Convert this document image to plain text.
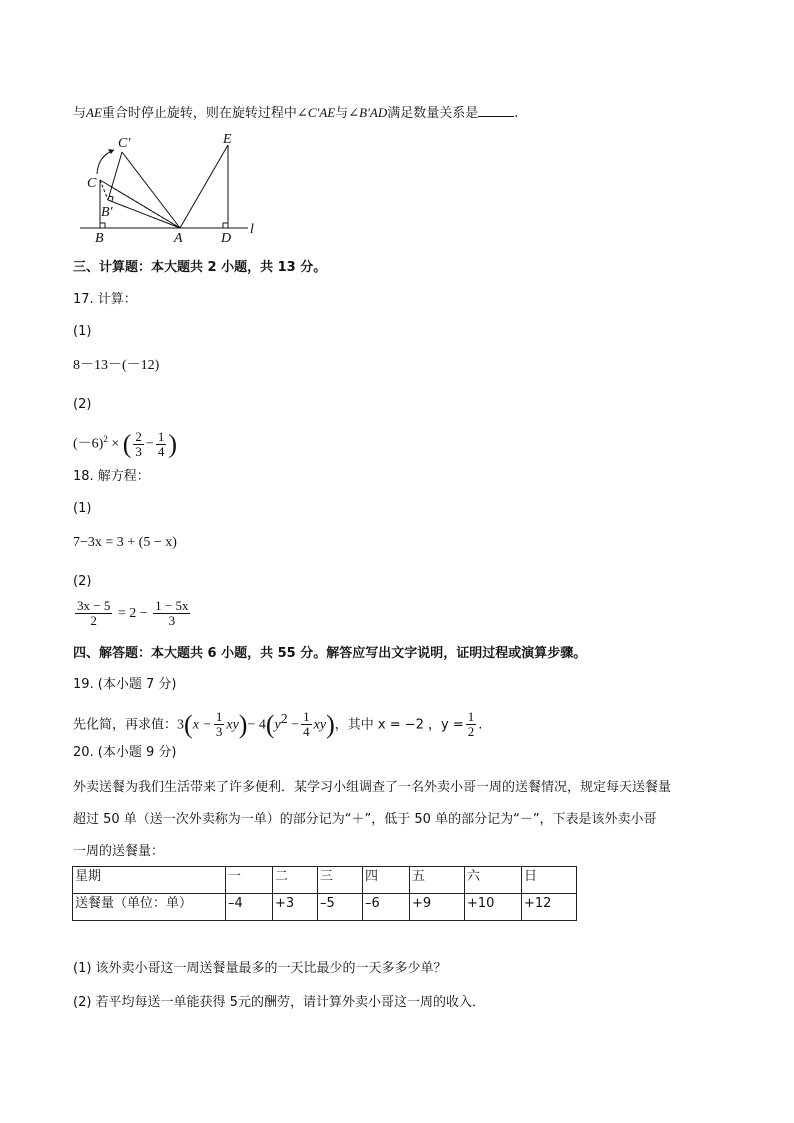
与AE重合时停止旋转，则在旋转过程中∠C′AE与∠B′AD满足数量关系是	.
C′
C
B′
B	A	D
E
l
三、计算题：本大题共 2 小题，共 13 分。
17. 计算：
(1)
8－13－(－12)
(2)
$(-6)^2$ × ( $\frac{2}{3} - \frac{1}{4}$ )
18. 解方程：
(1)
7−3x = 3 + (5 − x)
(2)
$\frac{3x - 5}{2} = 2 - \frac{1 - 5x}{3}$
四、解答题：本大题共 6 小题，共 55 分。解答应写出文字说明，证明过程或演算步骤。
19. (本小题 7 分)
先化简，再求值：$3(x - \frac{1}{3} xy)- 4(y^2 - \frac{1}{4} xy)$，其中 x = −2 ，$y = \frac{1}{2}$ .
20. (本小题 9 分)
外卖送餐为我们生活带来了许多便利．某学习小组调查了一名外卖小哥一周的送餐情况，规定每天送餐量
超过 50 单（送一次外卖称为一单）的部分记为“＋”，低于 50 单的部分记为“－”，下表是该外卖小哥
一周的送餐量：
星期	一	二	三	四	五	六	日
送餐量（单位：单）	–4	+3	–5	–6	+9	+10	+12
(1) 该外卖小哥这一周送餐量最多的一天比最少的一天多多少单？
(2) 若平均每送一单能获得 5元的酬劳，请计算外卖小哥这一周的收入．
